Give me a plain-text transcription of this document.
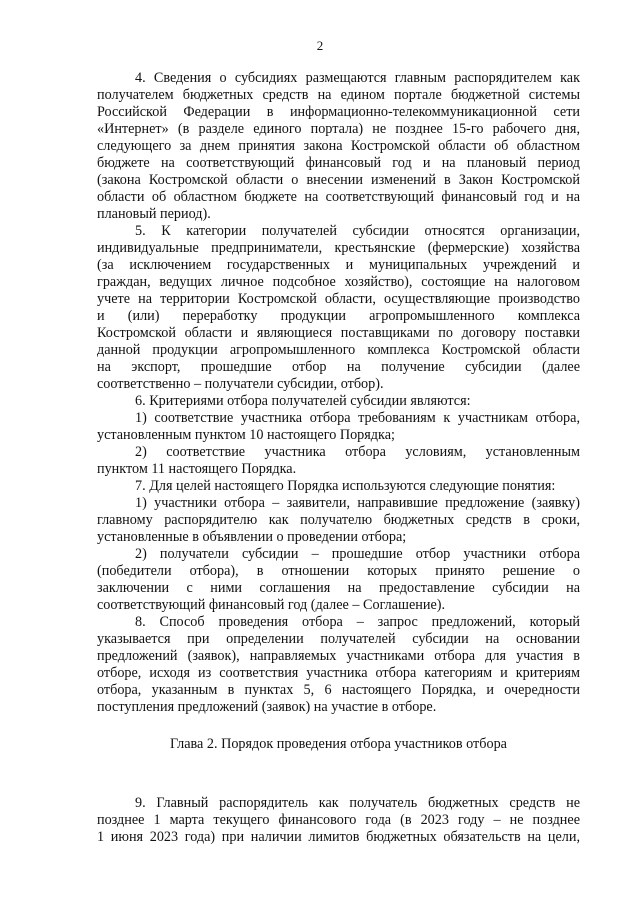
2
4. Сведения о субсидиях размещаются главным распорядителем как
получателем бюджетных средств на едином портале бюджетной системы
Российской Федерации в информационно-телекоммуникационной сети
«Интернет» (в разделе единого портала) не позднее 15-го рабочего дня,
следующего за днем принятия закона Костромской области об областном
бюджете на соответствующий финансовый год и на плановый период
(закона Костромской области о внесении изменений в Закон Костромской
области об областном бюджете на соответствующий финансовый год и на
плановый период).
5. К категории получателей субсидии относятся организации,
индивидуальные предприниматели, крестьянские (фермерские) хозяйства
(за исключением государственных и муниципальных учреждений и
граждан, ведущих личное подсобное хозяйство), состоящие на налоговом
учете на территории Костромской области, осуществляющие производство
и (или) переработку продукции агропромышленного комплекса
Костромской области и являющиеся поставщиками по договору поставки
данной продукции агропромышленного комплекса Костромской области
на экспорт, прошедшие отбор на получение субсидии (далее
соответственно – получатели субсидии, отбор).
6. Критериями отбора получателей субсидии являются:
1) соответствие участника отбора требованиям к участникам отбора,
установленным пунктом 10 настоящего Порядка;
2) соответствие участника отбора условиям, установленным
пунктом 11 настоящего Порядка.
7. Для целей настоящего Порядка используются следующие понятия:
1) участники отбора – заявители, направившие предложение (заявку)
главному распорядителю как получателю бюджетных средств в сроки,
установленные в объявлении о проведении отбора;
2) получатели субсидии – прошедшие отбор участники отбора
(победители отбора), в отношении которых принято решение о
заключении с ними соглашения на предоставление субсидии на
соответствующий финансовый год (далее – Соглашение).
8. Способ проведения отбора – запрос предложений, который
указывается при определении получателей субсидии на основании
предложений (заявок), направляемых участниками отбора для участия в
отборе, исходя из соответствия участника отбора категориям и критериям
отбора, указанным в пунктах 5, 6 настоящего Порядка, и очередности
поступления предложений (заявок) на участие в отборе.
Глава 2. Порядок проведения отбора участников отбора
9. Главный распорядитель как получатель бюджетных средств не
позднее 1 марта текущего финансового года (в 2023 году – не позднее
1 июня 2023 года) при наличии лимитов бюджетных обязательств на цели,
